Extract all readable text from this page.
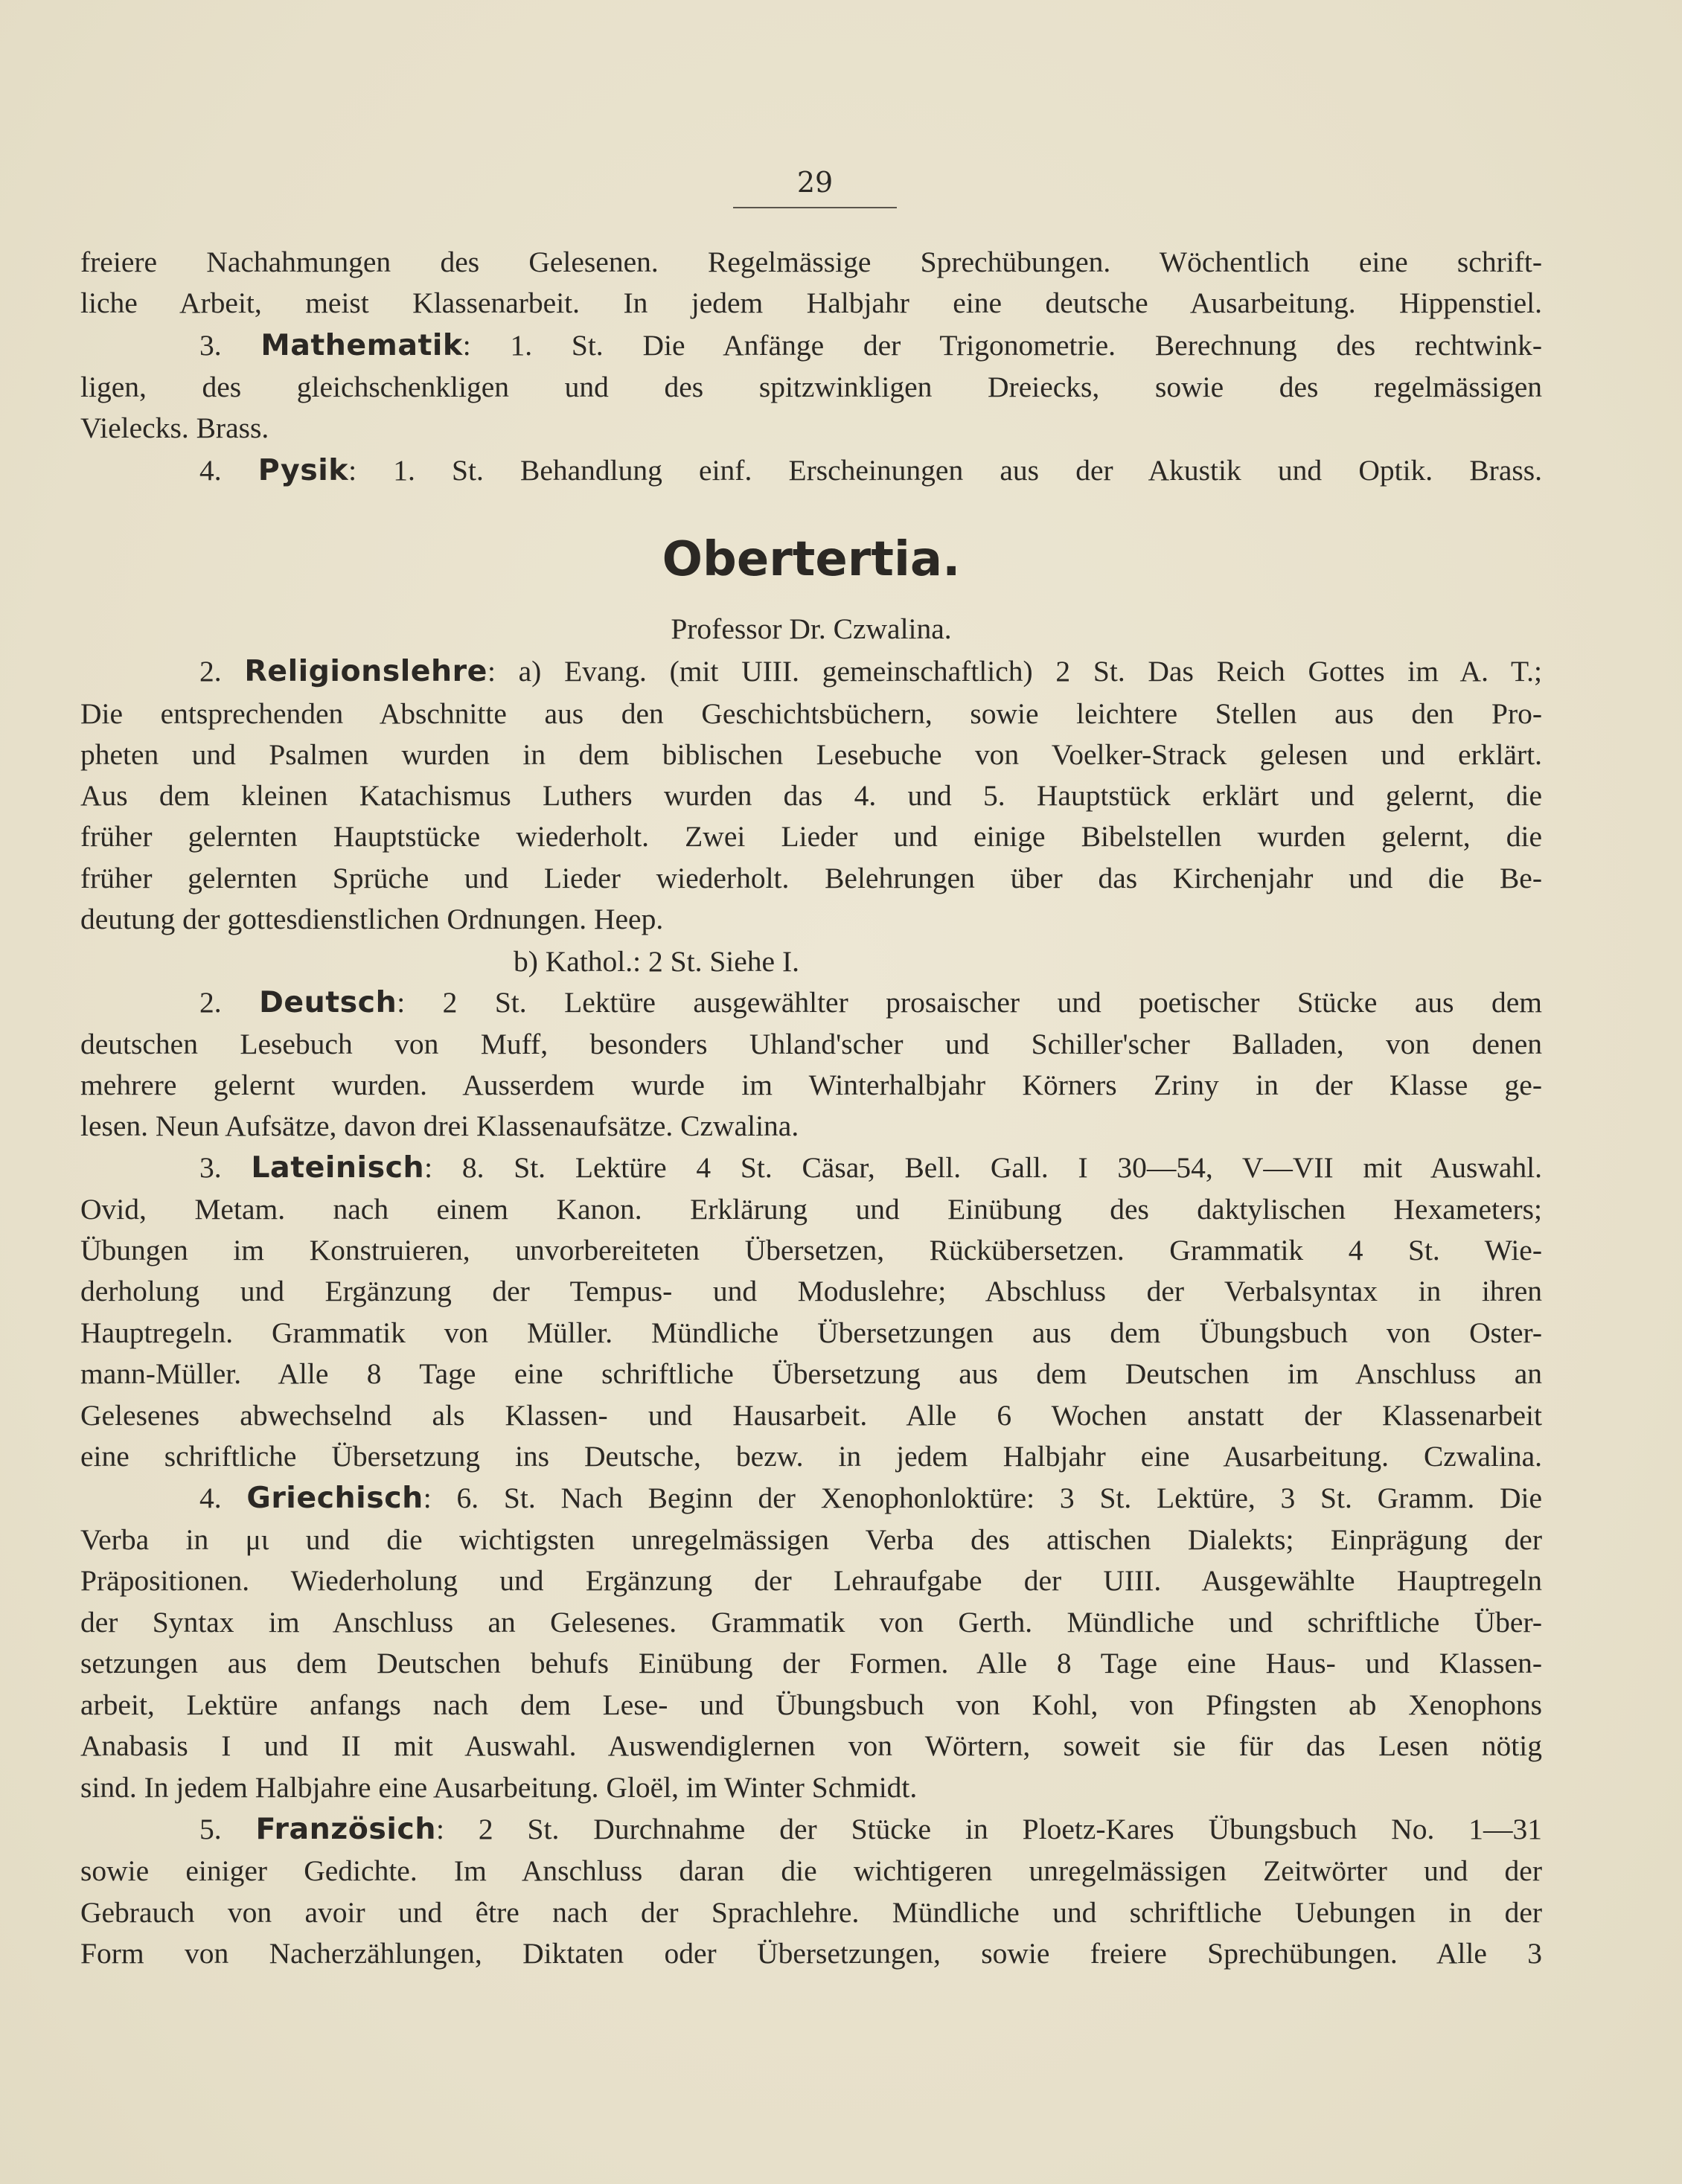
29
freiere Nachahmungen des Gelesenen. Regelmässige Sprechübungen. Wöchentlich eine schrift-
liche Arbeit, meist Klassenarbeit. In jedem Halbjahr eine deutsche Ausarbeitung. Hippenstiel.
3. Mathematik: 1. St. Die Anfänge der Trigonometrie. Berechnung des rechtwink-
ligen, des gleichschenkligen und des spitzwinkligen Dreiecks, sowie des regelmässigen
Vielecks. Brass.
4. Pysik: 1. St. Behandlung einf. Erscheinungen aus der Akustik und Optik. Brass.
Obertertia.
Professor Dr. Czwalina.
2. Religionslehre: a) Evang. (mit UIII. gemeinschaftlich) 2 St. Das Reich Gottes im A. T.;
Die entsprechenden Abschnitte aus den Geschichtsbüchern, sowie leichtere Stellen aus den Pro-
pheten und Psalmen wurden in dem biblischen Lesebuche von Voelker-Strack gelesen und erklärt.
Aus dem kleinen Katachismus Luthers wurden das 4. und 5. Hauptstück erklärt und gelernt, die
früher gelernten Hauptstücke wiederholt. Zwei Lieder und einige Bibelstellen wurden gelernt, die
früher gelernten Sprüche und Lieder wiederholt. Belehrungen über das Kirchenjahr und die Be-
deutung der gottesdienstlichen Ordnungen. Heep.
b) Kathol.: 2 St. Siehe I.
2. Deutsch: 2 St. Lektüre ausgewählter prosaischer und poetischer Stücke aus dem
deutschen Lesebuch von Muff, besonders Uhland'scher und Schiller'scher Balladen, von denen
mehrere gelernt wurden. Ausserdem wurde im Winterhalbjahr Körners Zriny in der Klasse ge-
lesen. Neun Aufsätze, davon drei Klassenaufsätze. Czwalina.
3. Lateinisch: 8. St. Lektüre 4 St. Cäsar, Bell. Gall. I 30—54, V—VII mit Auswahl.
Ovid, Metam. nach einem Kanon. Erklärung und Einübung des daktylischen Hexameters;
Übungen im Konstruieren, unvorbereiteten Übersetzen, Rückübersetzen. Grammatik 4 St. Wie-
derholung und Ergänzung der Tempus- und Moduslehre; Abschluss der Verbalsyntax in ihren
Hauptregeln. Grammatik von Müller. Mündliche Übersetzungen aus dem Übungsbuch von Oster-
mann-Müller. Alle 8 Tage eine schriftliche Übersetzung aus dem Deutschen im Anschluss an
Gelesenes abwechselnd als Klassen- und Hausarbeit. Alle 6 Wochen anstatt der Klassenarbeit
eine schriftliche Übersetzung ins Deutsche, bezw. in jedem Halbjahr eine Ausarbeitung. Czwalina.
4. Griechisch: 6. St. Nach Beginn der Xenophonloktüre: 3 St. Lektüre, 3 St. Gramm. Die
Verba in μι und die wichtigsten unregelmässigen Verba des attischen Dialekts; Einprägung der
Präpositionen. Wiederholung und Ergänzung der Lehraufgabe der UIII. Ausgewählte Hauptregeln
der Syntax im Anschluss an Gelesenes. Grammatik von Gerth. Mündliche und schriftliche Über-
setzungen aus dem Deutschen behufs Einübung der Formen. Alle 8 Tage eine Haus- und Klassen-
arbeit, Lektüre anfangs nach dem Lese- und Übungsbuch von Kohl, von Pfingsten ab Xenophons
Anabasis I und II mit Auswahl. Auswendiglernen von Wörtern, soweit sie für das Lesen nötig
sind. In jedem Halbjahre eine Ausarbeitung. Gloël, im Winter Schmidt.
5. Französich: 2 St. Durchnahme der Stücke in Ploetz-Kares Übungsbuch No. 1—31
sowie einiger Gedichte. Im Anschluss daran die wichtigeren unregelmässigen Zeitwörter und der
Gebrauch von avoir und être nach der Sprachlehre. Mündliche und schriftliche Uebungen in der
Form von Nacherzählungen, Diktaten oder Übersetzungen, sowie freiere Sprechübungen. Alle 3
